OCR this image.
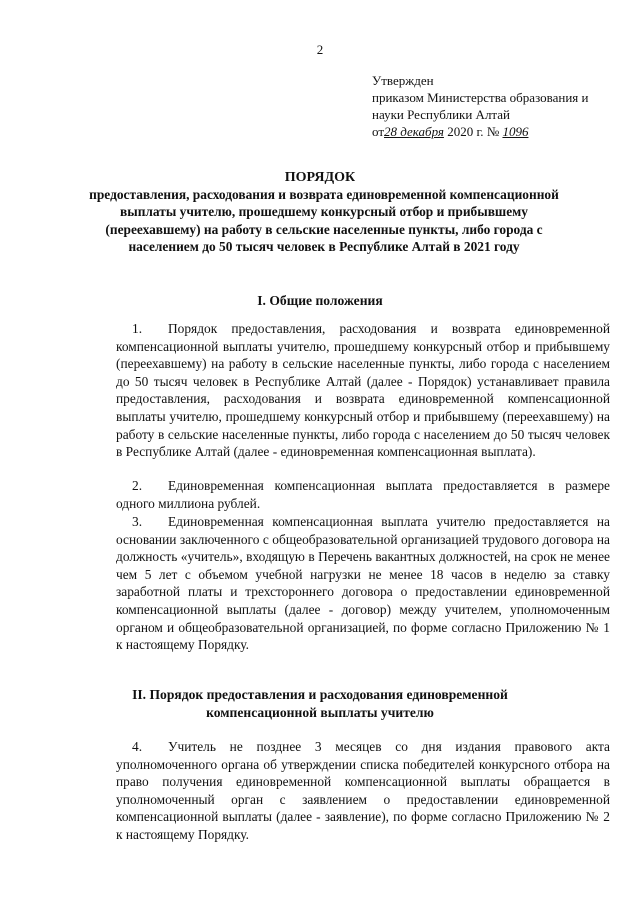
2
Утвержден
приказом Министерства образования и
науки Республики Алтай
от28 декабря 2020 г. № 1096
ПОРЯДОК
предоставления, расходования и возврата единовременной компенсационной выплаты учителю, прошедшему конкурсный отбор и прибывшему (переехавшему) на работу в сельские населенные пункты, либо города с населением до 50 тысяч человек в Республике Алтай в 2021 году
I. Общие положения
1. Порядок предоставления, расходования и возврата единовременной компенсационной выплаты учителю, прошедшему конкурсный отбор и прибывшему (переехавшему) на работу в сельские населенные пункты, либо города с населением до 50 тысяч человек в Республике Алтай (далее - Порядок) устанавливает правила предоставления, расходования и возврата единовременной компенсационной выплаты учителю, прошедшему конкурсный отбор и прибывшему (переехавшему) на работу в сельские населенные пункты, либо города с населением до 50 тысяч человек в Республике Алтай (далее - единовременная компенсационная выплата).
2. Единовременная компенсационная выплата предоставляется в размере одного миллиона рублей.
3. Единовременная компенсационная выплата учителю предоставляется на основании заключенного с общеобразовательной организацией трудового договора на должность «учитель», входящую в Перечень вакантных должностей, на срок не менее чем 5 лет с объемом учебной нагрузки не менее 18 часов в неделю за ставку заработной платы и трехстороннего договора о предоставлении единовременной компенсационной выплаты (далее - договор) между учителем, уполномоченным органом и общеобразовательной организацией, по форме согласно Приложению № 1 к настоящему Порядку.
II. Порядок предоставления и расходования единовременной компенсационной выплаты учителю
4. Учитель не позднее 3 месяцев со дня издания правового акта уполномоченного органа об утверждении списка победителей конкурсного отбора на право получения единовременной компенсационной выплаты обращается в уполномоченный орган с заявлением о предоставлении единовременной компенсационной выплаты (далее - заявление), по форме согласно Приложению № 2 к настоящему Порядку.
